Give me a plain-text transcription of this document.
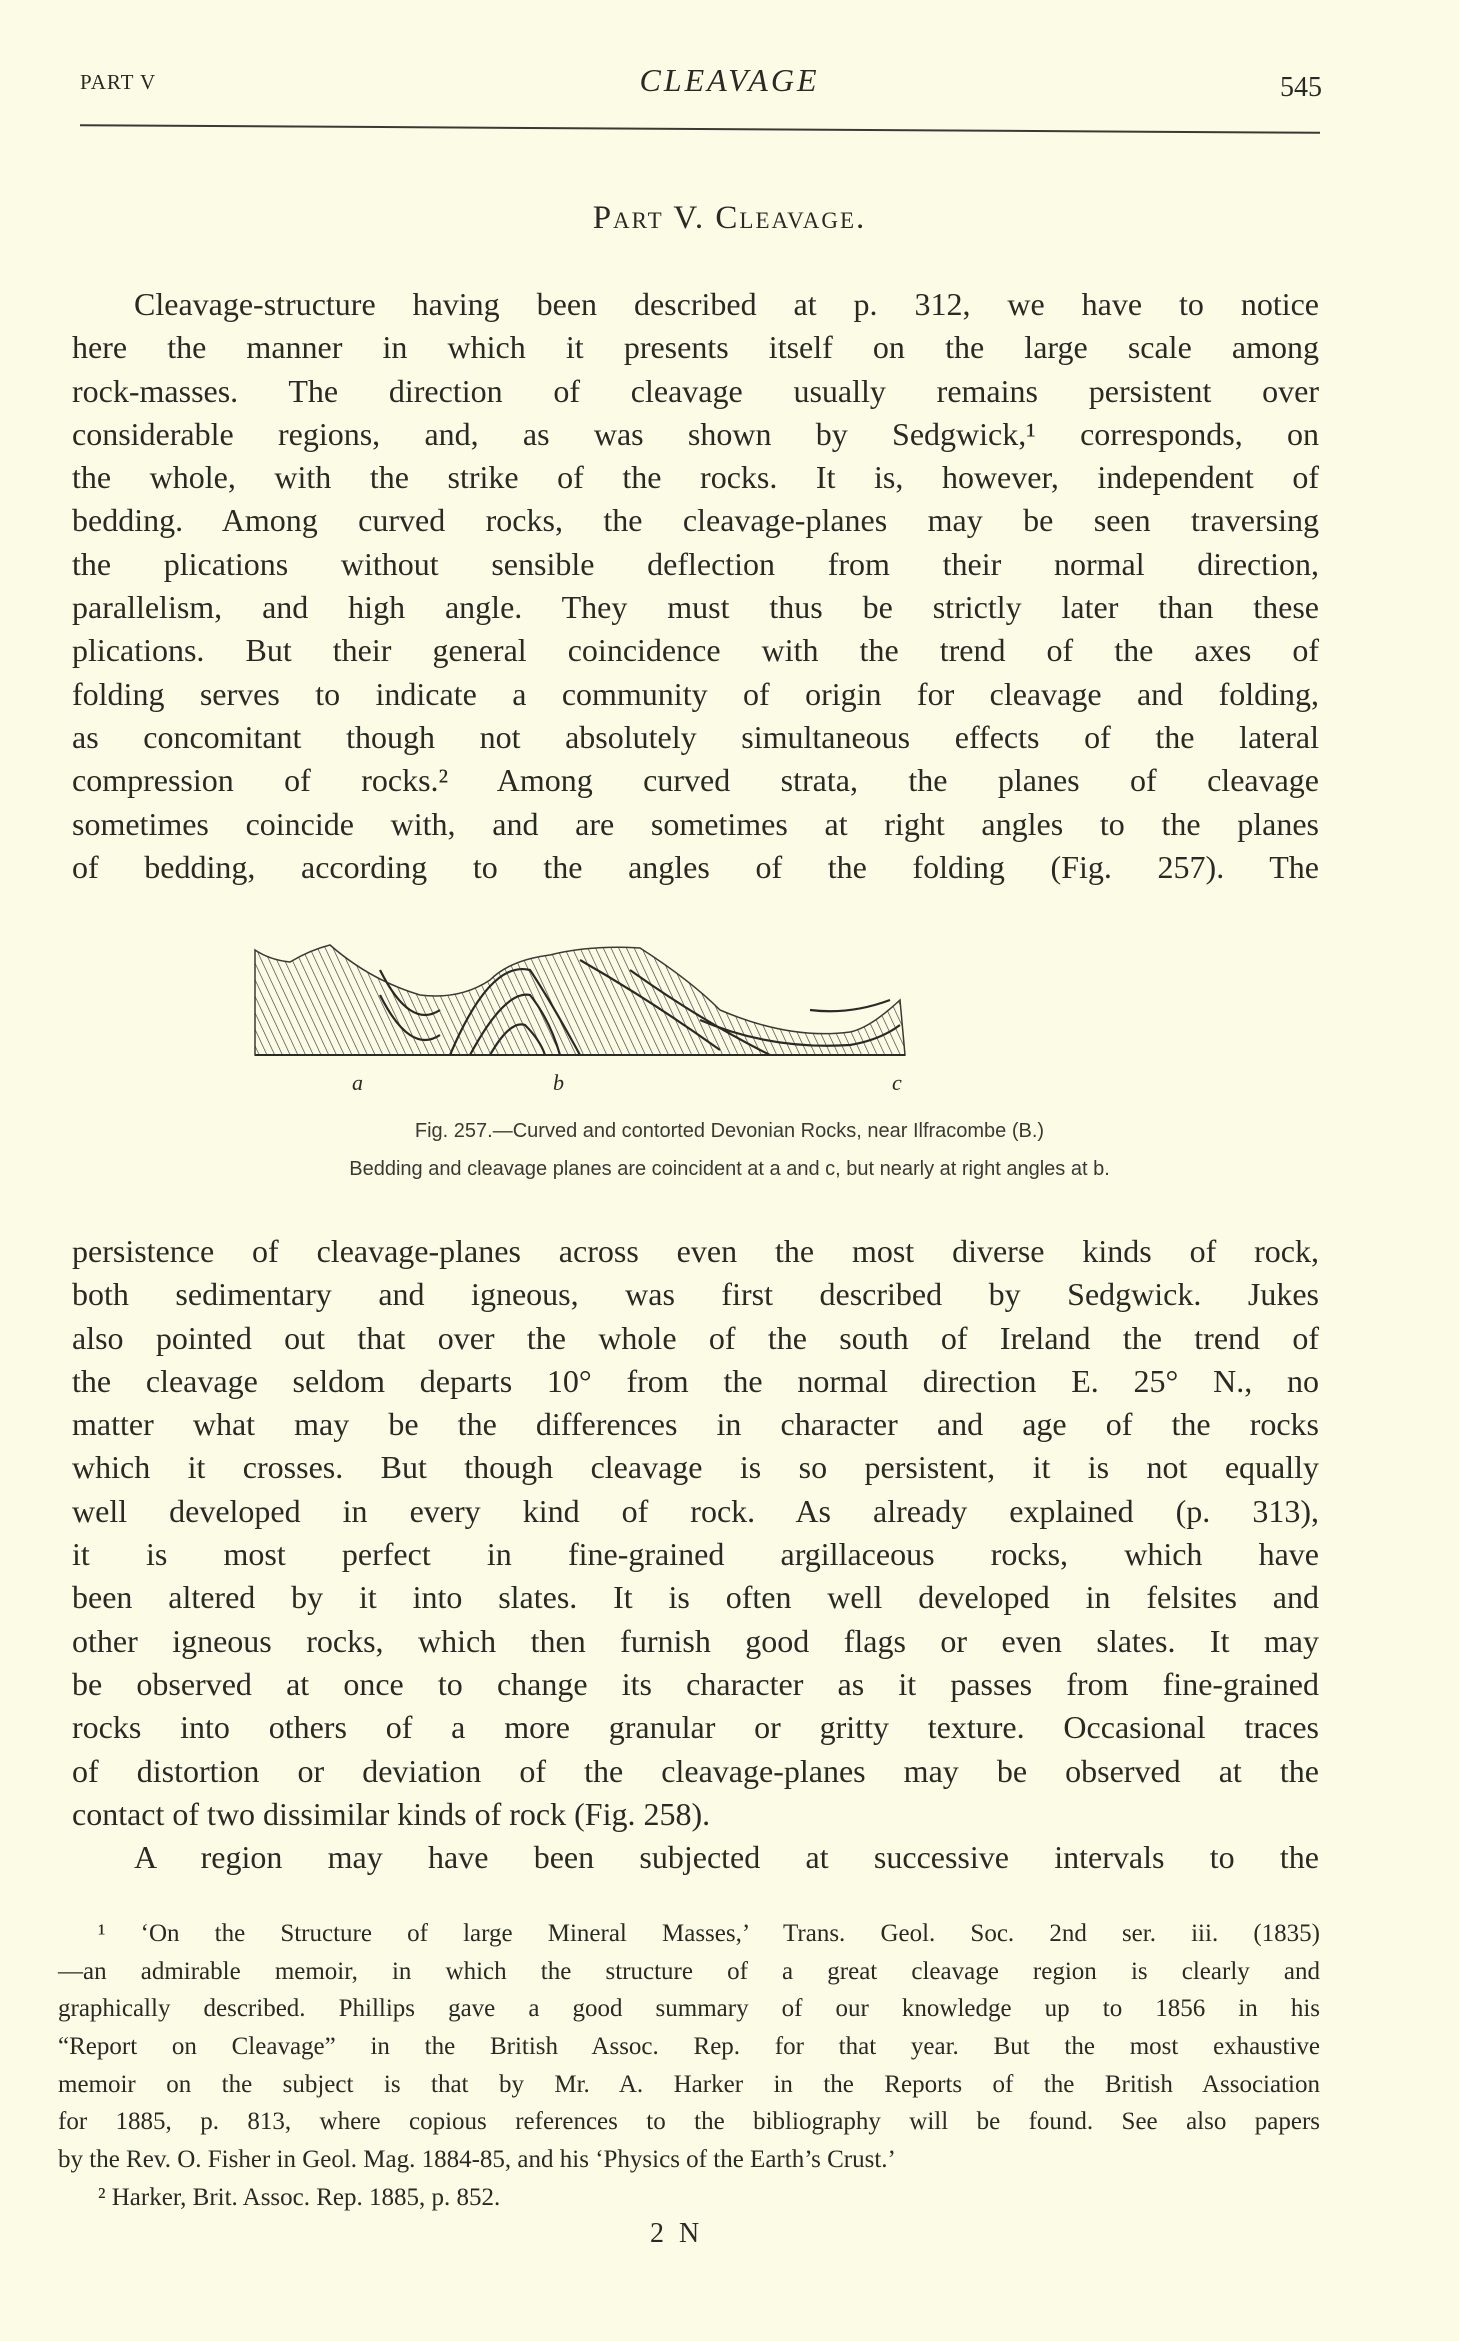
PART V	CLEAVAGE	545
Part V. Cleavage.
Cleavage-structure having been described at p. 312, we have to notice
here the manner in which it presents itself on the large scale among
rock-masses. The direction of cleavage usually remains persistent over
considerable regions, and, as was shown by Sedgwick,¹ corresponds, on
the whole, with the strike of the rocks. It is, however, independent of
bedding. Among curved rocks, the cleavage-planes may be seen traversing
the plications without sensible deflection from their normal direction,
parallelism, and high angle. They must thus be strictly later than these
plications. But their general coincidence with the trend of the axes of
folding serves to indicate a community of origin for cleavage and folding,
as concomitant though not absolutely simultaneous effects of the lateral
compression of rocks.² Among curved strata, the planes of cleavage
sometimes coincide with, and are sometimes at right angles to the planes
of bedding, according to the angles of the folding (Fig. 257). The
a	b	c
Fig. 257.—Curved and contorted Devonian Rocks, near Ilfracombe (B.)
Bedding and cleavage planes are coincident at a and c, but nearly at right angles at b.
persistence of cleavage-planes across even the most diverse kinds of rock,
both sedimentary and igneous, was first described by Sedgwick. Jukes
also pointed out that over the whole of the south of Ireland the trend of
the cleavage seldom departs 10° from the normal direction E. 25° N., no
matter what may be the differences in character and age of the rocks
which it crosses. But though cleavage is so persistent, it is not equally
well developed in every kind of rock. As already explained (p. 313),
it is most perfect in fine-grained argillaceous rocks, which have
been altered by it into slates. It is often well developed in felsites and
other igneous rocks, which then furnish good flags or even slates. It may
be observed at once to change its character as it passes from fine-grained
rocks into others of a more granular or gritty texture. Occasional traces
of distortion or deviation of the cleavage-planes may be observed at the
contact of two dissimilar kinds of rock (Fig. 258).
A region may have been subjected at successive intervals to the
¹ ‘On the Structure of large Mineral Masses,’ Trans. Geol. Soc. 2nd ser. iii. (1835)
—an admirable memoir, in which the structure of a great cleavage region is clearly and
graphically described. Phillips gave a good summary of our knowledge up to 1856 in his
“Report on Cleavage” in the British Assoc. Rep. for that year. But the most exhaustive
memoir on the subject is that by Mr. A. Harker in the Reports of the British Association
for 1885, p. 813, where copious references to the bibliography will be found. See also papers
by the Rev. O. Fisher in Geol. Mag. 1884-85, and his ‘Physics of the Earth’s Crust.’
² Harker, Brit. Assoc. Rep. 1885, p. 852.
2 N
